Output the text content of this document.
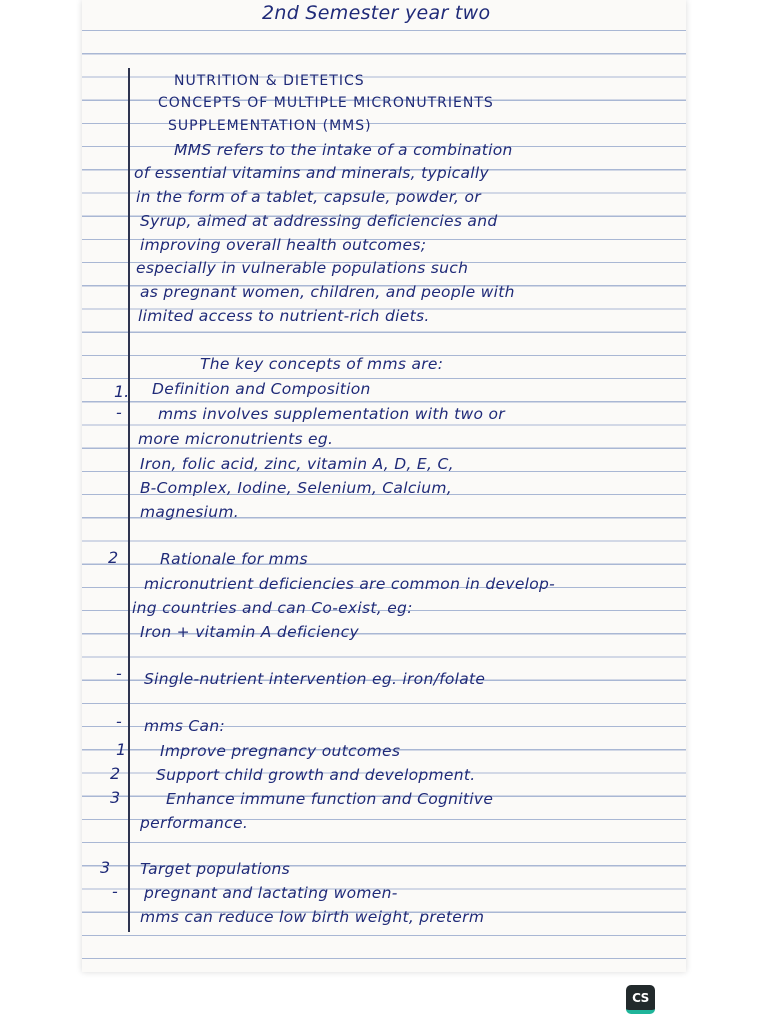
2nd Semester year two
NUTRITION & DIETETICS
CONCEPTS OF MULTIPLE MICRONUTRIENTS
SUPPLEMENTATION (MMS)
MMS refers to the intake of a combination
of essential vitamins and minerals, typically
in the form of a tablet, capsule, powder, or
Syrup, aimed at addressing deficiencies and
improving overall health outcomes;
especially in vulnerable populations such
as pregnant women, children, and people with
limited access to nutrient-rich diets.
The key concepts of mms are:
Definition and Composition
mms involves supplementation with two or
more micronutrients eg.
Iron, folic acid, zinc, vitamin A, D, E, C,
B-Complex, Iodine, Selenium, Calcium,
magnesium.
Rationale for mms
micronutrient deficiencies are common in develop-
ing countries and can Co-exist, eg:
Iron + vitamin A deficiency
Single-nutrient intervention eg. iron/folate
mms Can:
Improve pregnancy outcomes
Support child growth and development.
Enhance immune function and Cognitive
performance.
Target populations
pregnant and lactating women-
mms can reduce low birth weight, preterm
1.
-
2
-
-
1
2
3
3
-
CS
